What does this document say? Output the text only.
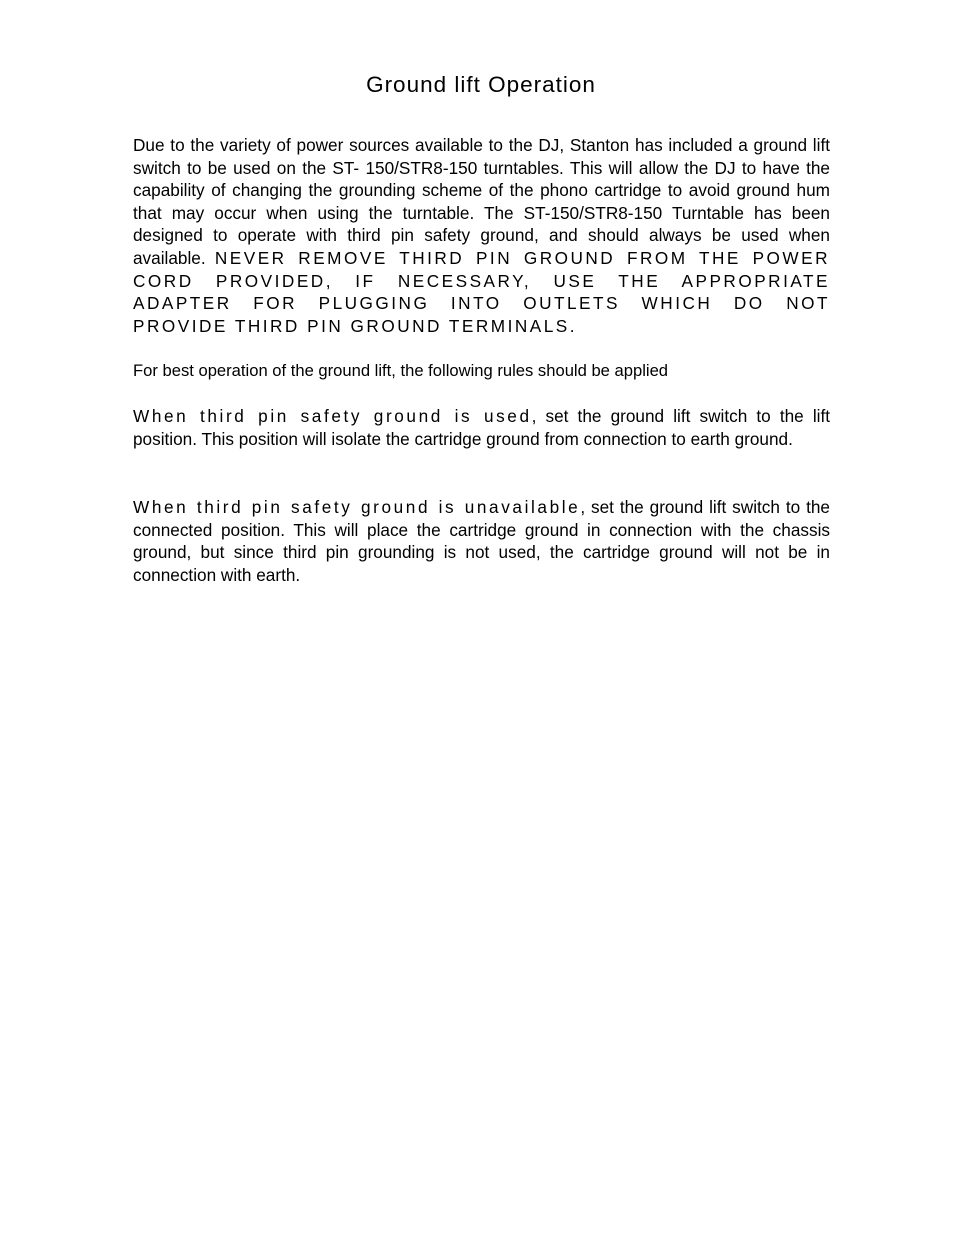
Ground lift Operation

Due to the variety of power sources available to the DJ, Stanton has included a ground lift switch to be used on the ST- 150/STR8-150 turntables. This will allow the DJ to have the capability of changing the grounding scheme of the phono cartridge to avoid ground hum that may occur when using the turntable. The ST-150/STR8-150 Turntable has been designed to operate with third pin safety ground, and should always be used when available. NEVER REMOVE THIRD PIN GROUND FROM THE POWER CORD PROVIDED, IF NECESSARY, USE THE APPROPRIATE ADAPTER FOR PLUGGING INTO OUTLETS WHICH DO NOT PROVIDE THIRD PIN GROUND TERMINALS.

For best operation of the ground lift, the following rules should be applied

When third pin safety ground is used, set the ground lift switch to the lift position. This position will isolate the cartridge ground from connection to earth ground.

When third pin safety ground is unavailable, set the ground lift switch to the connected position. This will place the cartridge ground in connection with the chassis ground, but since third pin grounding is not used, the cartridge ground will not be in connection with earth.
